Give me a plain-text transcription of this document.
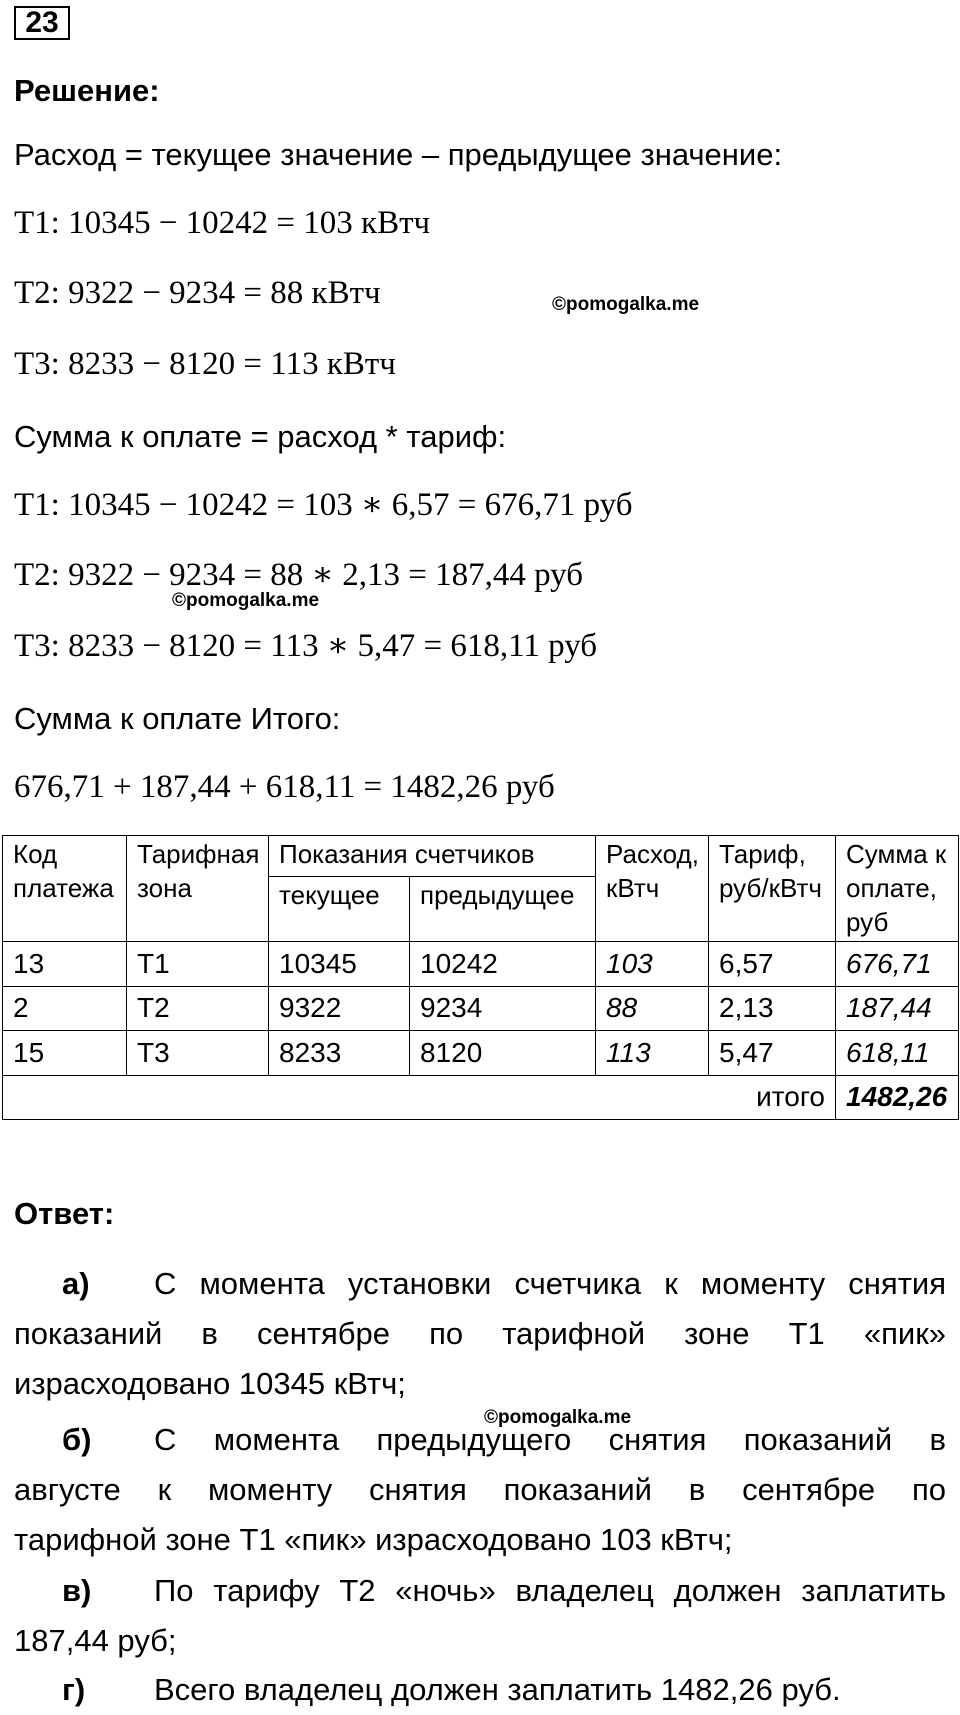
23
Решение:
Расход = текущее значение – предыдущее значение:
T1: 10345 − 10242 = 103 кВтч
T2: 9322 − 9234 = 88 кВтч
T3: 8233 − 8120 = 113 кВтч
Сумма к оплате = расход * тариф:
T1: 10345 − 10242 = 103 ∗ 6,57 = 676,71 руб
T2: 9322 − 9234 = 88 ∗ 2,13 = 187,44 руб
T3: 8233 − 8120 = 113 ∗ 5,47 = 618,11 руб
Сумма к оплате Итого:
676,71 + 187,44 + 618,11 = 1482,26 руб
©pomogalka.me
©pomogalka.me
Код платежа	Тарифная зона	Показания счетчиков		Расход, кВтч	Тариф, руб/кВтч	Сумма к оплате, руб
		текущее	предыдущее			
13	T1	10345	10242	103	6,57	676,71
2	T2	9322	9234	88	2,13	187,44
15	T3	8233	8120	113	5,47	618,11
итого						1482,26
Ответ:
а) С момента установки счетчика к моменту снятия
показаний в сентябре по тарифной зоне Т1 «пик»
израсходовано 10345 кВтч;
©pomogalka.me
б) С момента предыдущего снятия показаний в
августе к моменту снятия показаний в сентябре по
тарифной зоне Т1 «пик» израсходовано 103 кВтч;
в) По тарифу Т2 «ночь» владелец должен заплатить
187,44 руб;
г) Всего владелец должен заплатить 1482,26 руб.
